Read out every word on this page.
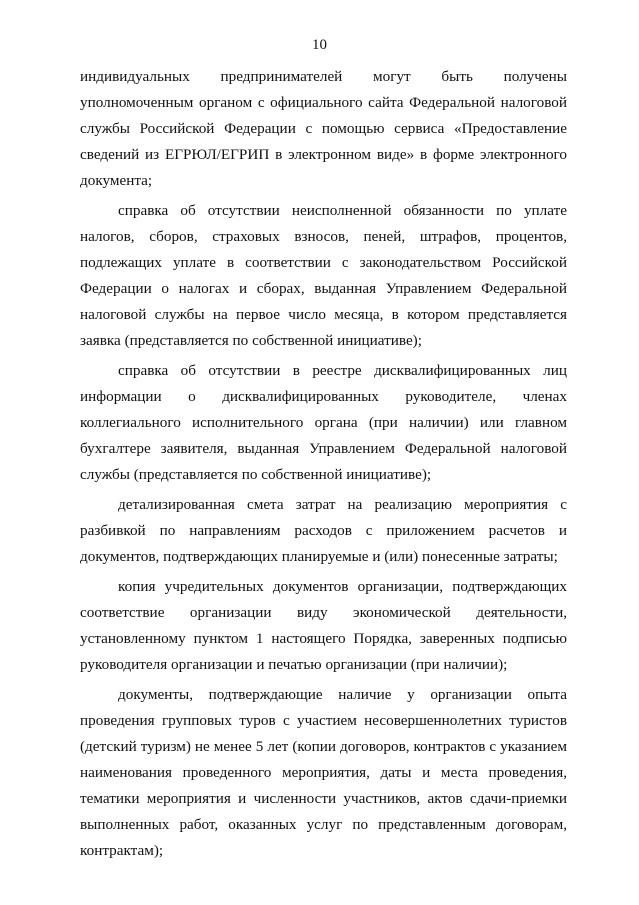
10

индивидуальных предпринимателей могут быть получены уполномоченным органом с официального сайта Федеральной налоговой службы Российской Федерации с помощью сервиса «Предоставление сведений из ЕГРЮЛ/ЕГРИП в электронном виде» в форме электронного документа;

справка об отсутствии неисполненной обязанности по уплате налогов, сборов, страховых взносов, пеней, штрафов, процентов, подлежащих уплате в соответствии с законодательством Российской Федерации о налогах и сборах, выданная Управлением Федеральной налоговой службы на первое число месяца, в котором представляется заявка (представляется по собственной инициативе);

справка об отсутствии в реестре дисквалифицированных лиц информации о дисквалифицированных руководителе, членах коллегиального исполнительного органа (при наличии) или главном бухгалтере заявителя, выданная Управлением Федеральной налоговой службы (представляется по собственной инициативе);

детализированная смета затрат на реализацию мероприятия с разбивкой по направлениям расходов с приложением расчетов и документов, подтверждающих планируемые и (или) понесенные затраты;

копия учредительных документов организации, подтверждающих соответствие организации виду экономической деятельности, установленному пунктом 1 настоящего Порядка, заверенных подписью руководителя организации и печатью организации (при наличии);

документы, подтверждающие наличие у организации опыта проведения групповых туров с участием несовершеннолетних туристов (детский туризм) не менее 5 лет (копии договоров, контрактов с указанием наименования проведенного мероприятия, даты и места проведения, тематики мероприятия и численности участников, актов сдачи-приемки выполненных работ, оказанных услуг по представленным договорам, контрактам);
